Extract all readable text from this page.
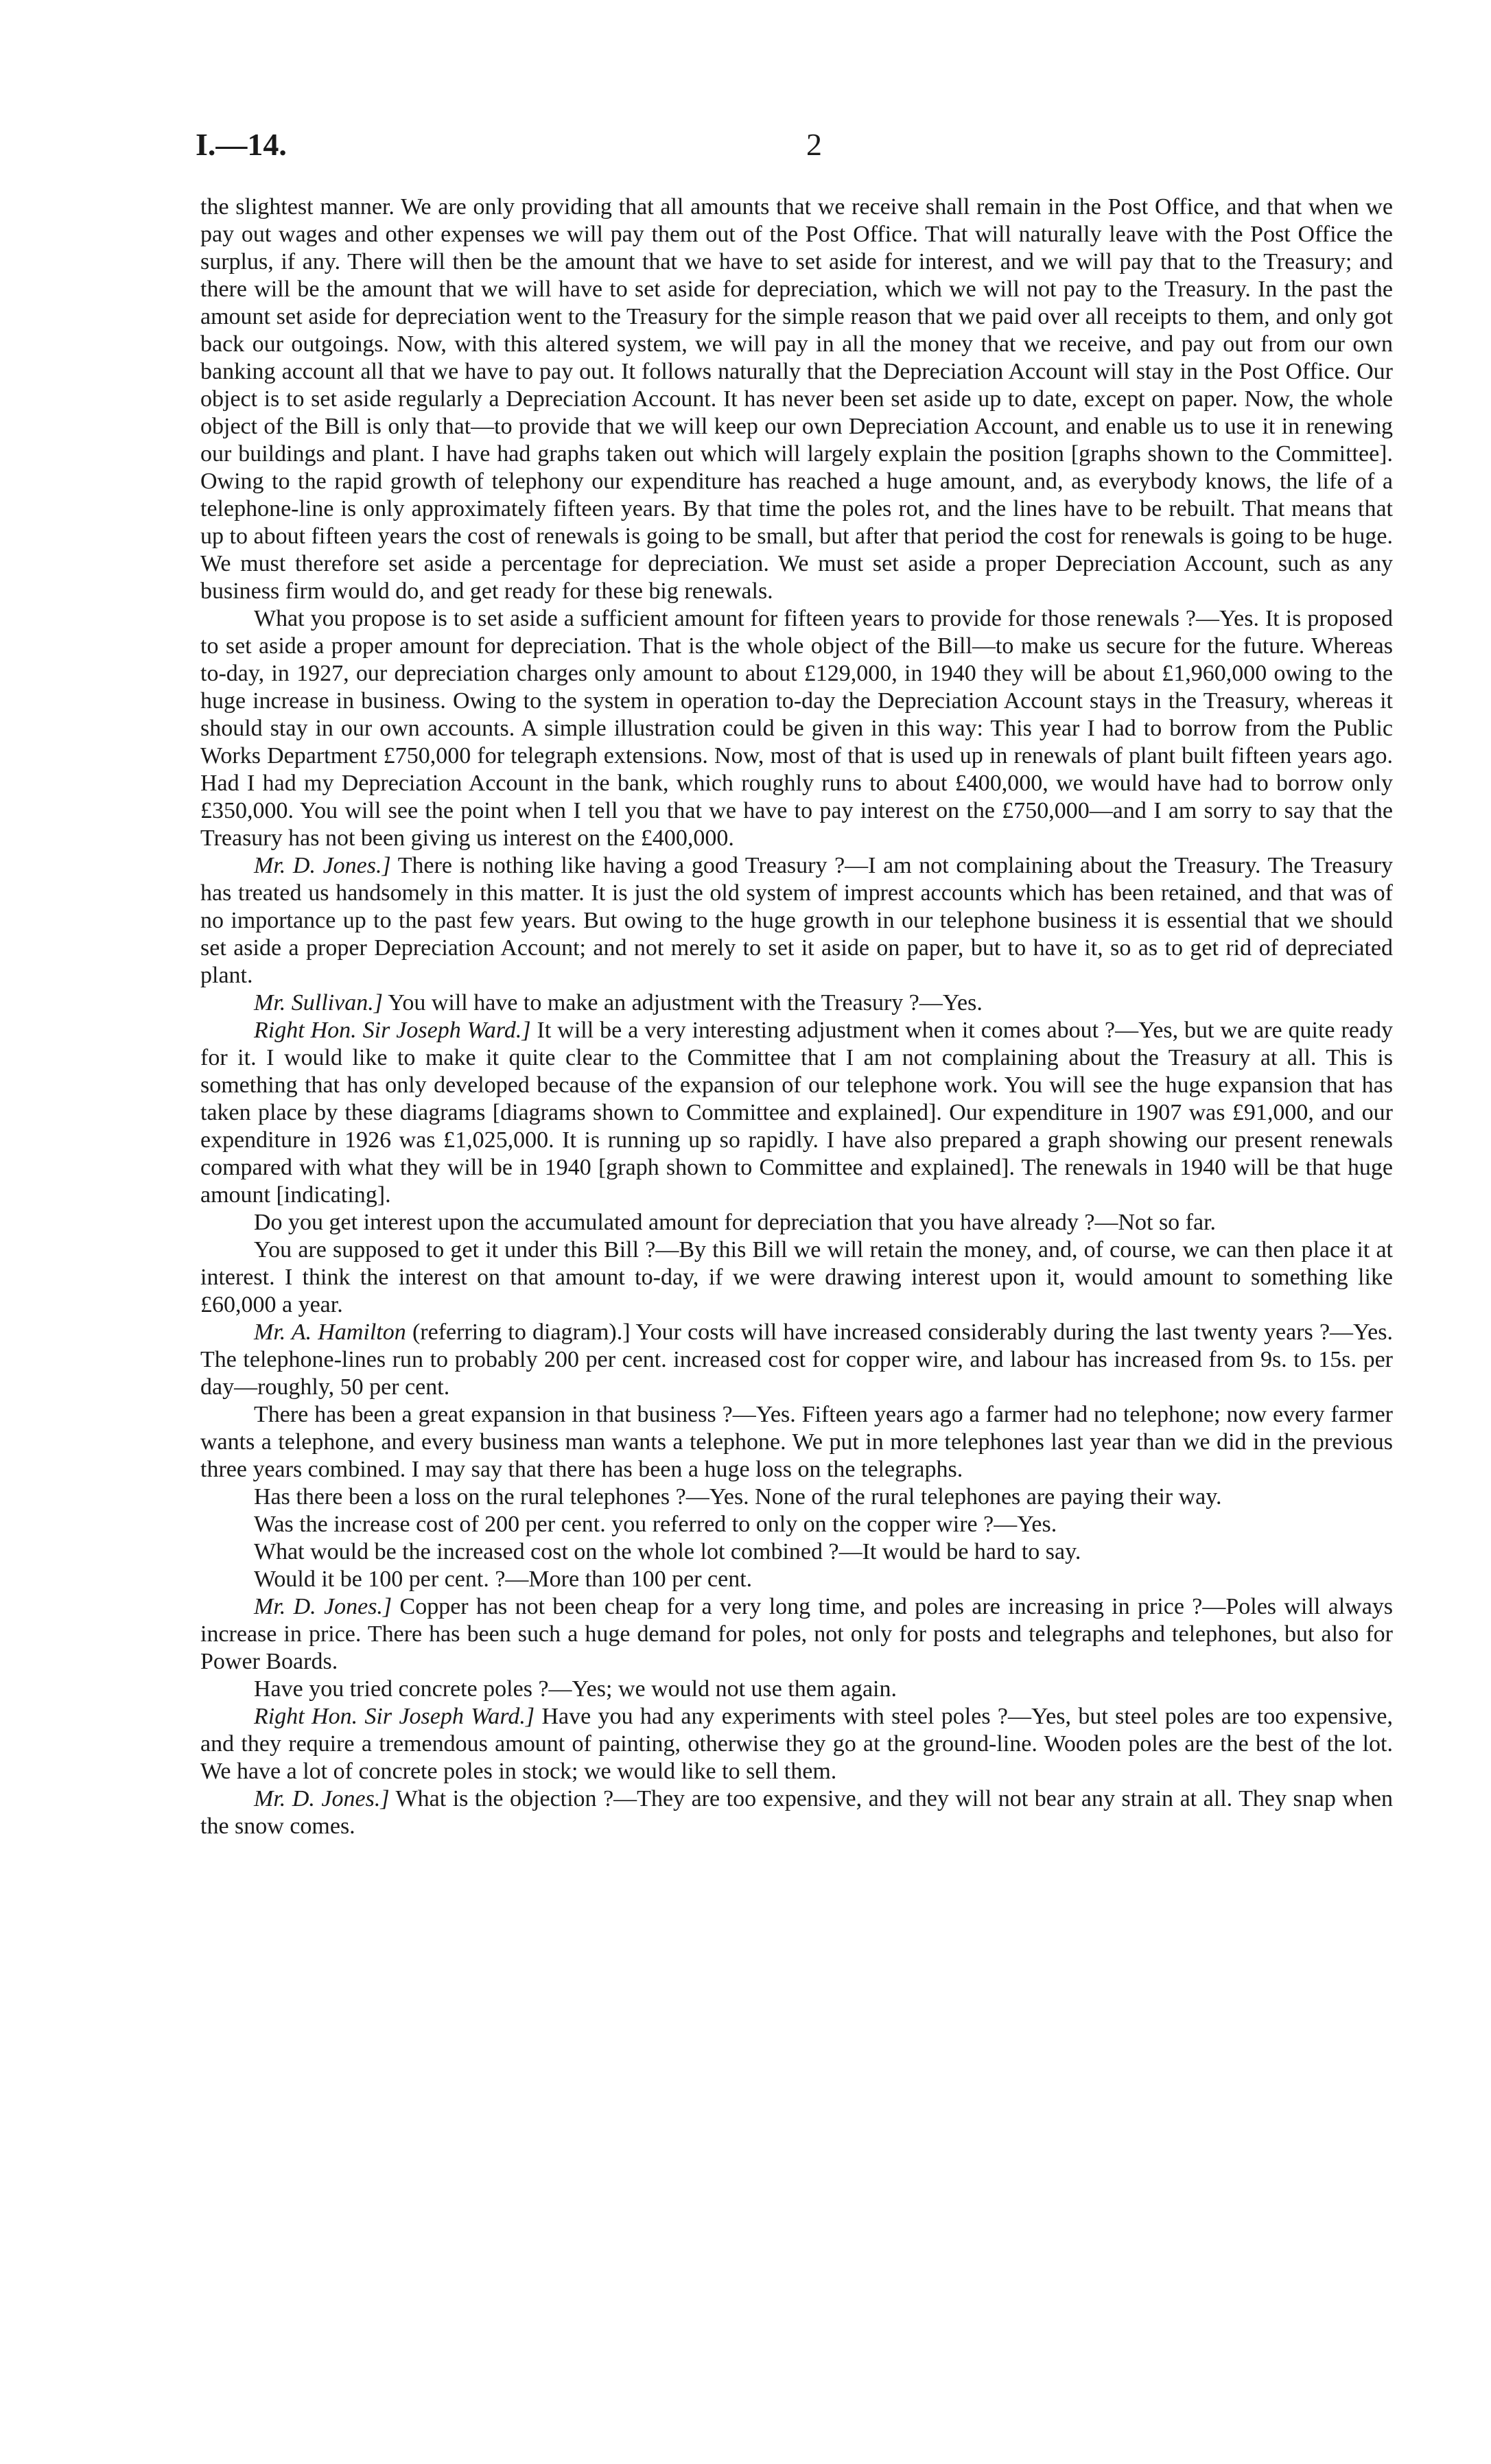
I.—14.	2

the slightest manner. We are only providing that all amounts that we receive shall remain in the Post Office, and that when we pay out wages and other expenses we will pay them out of the Post Office. That will naturally leave with the Post Office the surplus, if any. There will then be the amount that we have to set aside for interest, and we will pay that to the Treasury; and there will be the amount that we will have to set aside for depreciation, which we will not pay to the Treasury. In the past the amount set aside for depreciation went to the Treasury for the simple reason that we paid over all receipts to them, and only got back our outgoings. Now, with this altered system, we will pay in all the money that we receive, and pay out from our own banking account all that we have to pay out. It follows naturally that the Depreciation Account will stay in the Post Office. Our object is to set aside regularly a Depreciation Account. It has never been set aside up to date, except on paper. Now, the whole object of the Bill is only that—to provide that we will keep our own Depreciation Account, and enable us to use it in renewing our buildings and plant. I have had graphs taken out which will largely explain the position [graphs shown to the Committee]. Owing to the rapid growth of telephony our expenditure has reached a huge amount, and, as everybody knows, the life of a telephone-line is only approximately fifteen years. By that time the poles rot, and the lines have to be rebuilt. That means that up to about fifteen years the cost of renewals is going to be small, but after that period the cost for renewals is going to be huge. We must therefore set aside a percentage for depreciation. We must set aside a proper Depreciation Account, such as any business firm would do, and get ready for these big renewals.

What you propose is to set aside a sufficient amount for fifteen years to provide for those renewals ?—Yes. It is proposed to set aside a proper amount for depreciation. That is the whole object of the Bill—to make us secure for the future. Whereas to-day, in 1927, our depreciation charges only amount to about £129,000, in 1940 they will be about £1,960,000 owing to the huge increase in business. Owing to the system in operation to-day the Depreciation Account stays in the Treasury, whereas it should stay in our own accounts. A simple illustration could be given in this way: This year I had to borrow from the Public Works Department £750,000 for telegraph extensions. Now, most of that is used up in renewals of plant built fifteen years ago. Had I had my Depreciation Account in the bank, which roughly runs to about £400,000, we would have had to borrow only £350,000. You will see the point when I tell you that we have to pay interest on the £750,000—and I am sorry to say that the Treasury has not been giving us interest on the £400,000.

Mr. D. Jones.] There is nothing like having a good Treasury ?—I am not complaining about the Treasury. The Treasury has treated us handsomely in this matter. It is just the old system of imprest accounts which has been retained, and that was of no importance up to the past few years. But owing to the huge growth in our telephone business it is essential that we should set aside a proper Depreciation Account; and not merely to set it aside on paper, but to have it, so as to get rid of depreciated plant.

Mr. Sullivan.] You will have to make an adjustment with the Treasury ?—Yes.

Right Hon. Sir Joseph Ward.] It will be a very interesting adjustment when it comes about ?—Yes, but we are quite ready for it. I would like to make it quite clear to the Committee that I am not complaining about the Treasury at all. This is something that has only developed because of the expansion of our telephone work. You will see the huge expansion that has taken place by these diagrams [diagrams shown to Committee and explained]. Our expenditure in 1907 was £91,000, and our expenditure in 1926 was £1,025,000. It is running up so rapidly. I have also prepared a graph showing our present renewals compared with what they will be in 1940 [graph shown to Committee and explained]. The renewals in 1940 will be that huge amount [indicating].

Do you get interest upon the accumulated amount for depreciation that you have already ?—Not so far.

You are supposed to get it under this Bill ?—By this Bill we will retain the money, and, of course, we can then place it at interest. I think the interest on that amount to-day, if we were drawing interest upon it, would amount to something like £60,000 a year.

Mr. A. Hamilton (referring to diagram).] Your costs will have increased considerably during the last twenty years ?—Yes. The telephone-lines run to probably 200 per cent. increased cost for copper wire, and labour has increased from 9s. to 15s. per day—roughly, 50 per cent.

There has been a great expansion in that business ?—Yes. Fifteen years ago a farmer had no telephone; now every farmer wants a telephone, and every business man wants a telephone. We put in more telephones last year than we did in the previous three years combined. I may say that there has been a huge loss on the telegraphs.

Has there been a loss on the rural telephones ?—Yes. None of the rural telephones are paying their way.

Was the increase cost of 200 per cent. you referred to only on the copper wire ?—Yes.

What would be the increased cost on the whole lot combined ?—It would be hard to say.

Would it be 100 per cent. ?—More than 100 per cent.

Mr. D. Jones.] Copper has not been cheap for a very long time, and poles are increasing in price ?—Poles will always increase in price. There has been such a huge demand for poles, not only for posts and telegraphs and telephones, but also for Power Boards.

Have you tried concrete poles ?—Yes; we would not use them again.

Right Hon. Sir Joseph Ward.] Have you had any experiments with steel poles ?—Yes, but steel poles are too expensive, and they require a tremendous amount of painting, otherwise they go at the ground-line. Wooden poles are the best of the lot. We have a lot of concrete poles in stock; we would like to sell them.

Mr. D. Jones.] What is the objection ?—They are too expensive, and they will not bear any strain at all. They snap when the snow comes.
